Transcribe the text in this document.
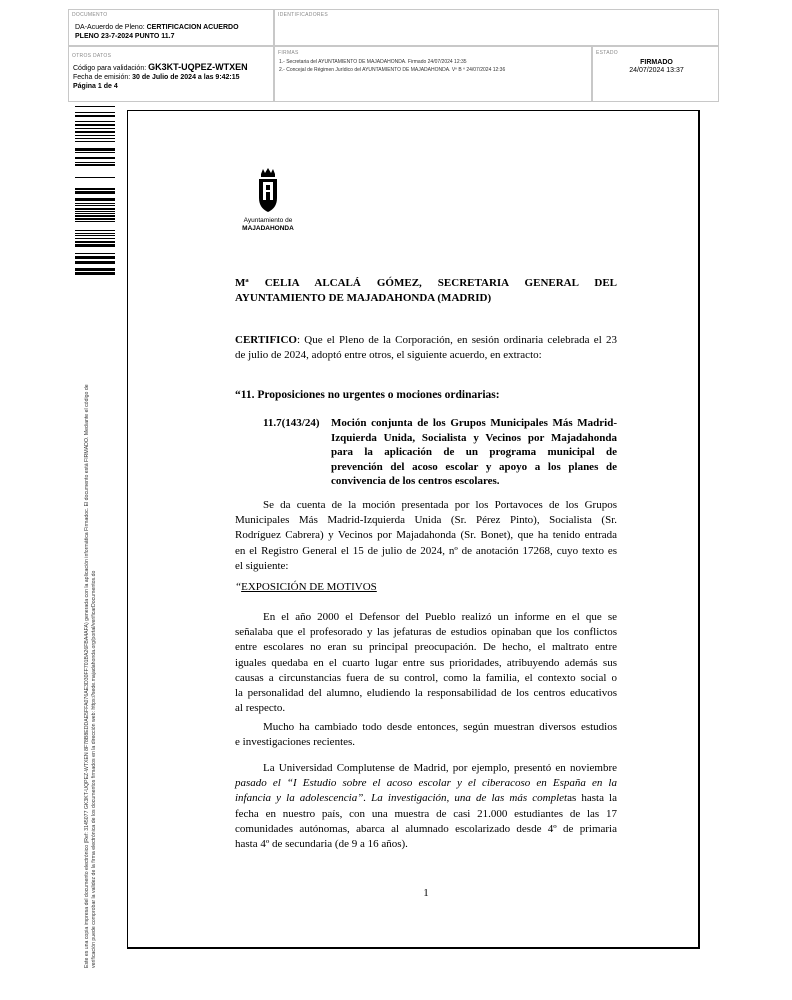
DOCUMENTO
DA-Acuerdo de Pleno: CERTIFICACION ACUERDO
PLENO 23-7-2024 PUNTO 11.7
IDENTIFICADORES
OTROS DATOS
Código para validación: GK3KT-UQPEZ-WTXEN
Fecha de emisión: 30 de Julio de 2024 a las 9:42:15
Página 1 de 4
FIRMAS
1.- Secretaria del AYUNTAMIENTO DE MAJADAHONDA. Firmado 24/07/2024 12:35
2.- Concejal de Régimen Jurídico del AYUNTAMIENTO DE MAJADAHONDA. Vº B º 24/07/2024 12:36
ESTADO
FIRMADO
24/07/2024 13:37
Este es una copia impresa del documento electrónico (Ref: 3145077 GK3KT-UQPEZ-WTXEN 8F78B8EDDAE5FFA076AE3D30FF701BA26FBA4AFA) generada con la aplicación informática Firmadoc. El documento está FIRMADO. Mediante el código de verificación puede comprobar la validez de la firma electrónica de los documentos firmados en la dirección web: https://sede.majadahonda.org/portal/verificarDocumentos.do
Ayuntamiento de
MAJADAHONDA
Mª CELIA ALCALÁ GÓMEZ, SECRETARIA GENERAL DEL
AYUNTAMIENTO DE MAJADAHONDA (MADRID)
CERTIFICO: Que el Pleno de la Corporación, en sesión ordinaria celebrada el 23
de julio de 2024, adoptó entre otros, el siguiente acuerdo, en extracto:
“11. Proposiciones no urgentes o mociones ordinarias:
11.7(143/24) Moción conjunta de los Grupos Municipales Más Madrid-
Izquierda Unida, Socialista y Vecinos por Majadahonda
para la aplicación de un programa municipal de
prevención del acoso escolar y apoyo a los planes de
convivencia de los centros escolares.
Se da cuenta de la moción presentada por los Portavoces de los Grupos
Municipales Más Madrid-Izquierda Unida (Sr. Pérez Pinto), Socialista (Sr.
Rodríguez Cabrera) y Vecinos por Majadahonda (Sr. Bonet), que ha tenido entrada
en el Registro General el 15 de julio de 2024, nº de anotación 17268, cuyo texto es
el siguiente:
“EXPOSICIÓN DE MOTIVOS
En el año 2000 el Defensor del Pueblo realizó un informe en el que se
señalaba que el profesorado y las jefaturas de estudios opinaban que los conflictos
entre escolares no eran su principal preocupación. De hecho, el maltrato entre
iguales quedaba en el cuarto lugar entre sus prioridades, atribuyendo además sus
causas a circunstancias fuera de su control, como la familia, el contexto social o
la personalidad del alumno, eludiendo la responsabilidad de los centros educativos
al respecto.
Mucho ha cambiado todo desde entonces, según muestran diversos estudios
e investigaciones recientes.
La Universidad Complutense de Madrid, por ejemplo, presentó en noviembre
pasado el “I Estudio sobre el acoso escolar y el ciberacoso en España en la
infancia y la adolescencia”. La investigación, una de las más completas hasta la
fecha en nuestro país, con una muestra de casi 21.000 estudiantes de las 17
comunidades autónomas, abarca al alumnado escolarizado desde 4º de primaria
hasta 4º de secundaria (de 9 a 16 años).
1
